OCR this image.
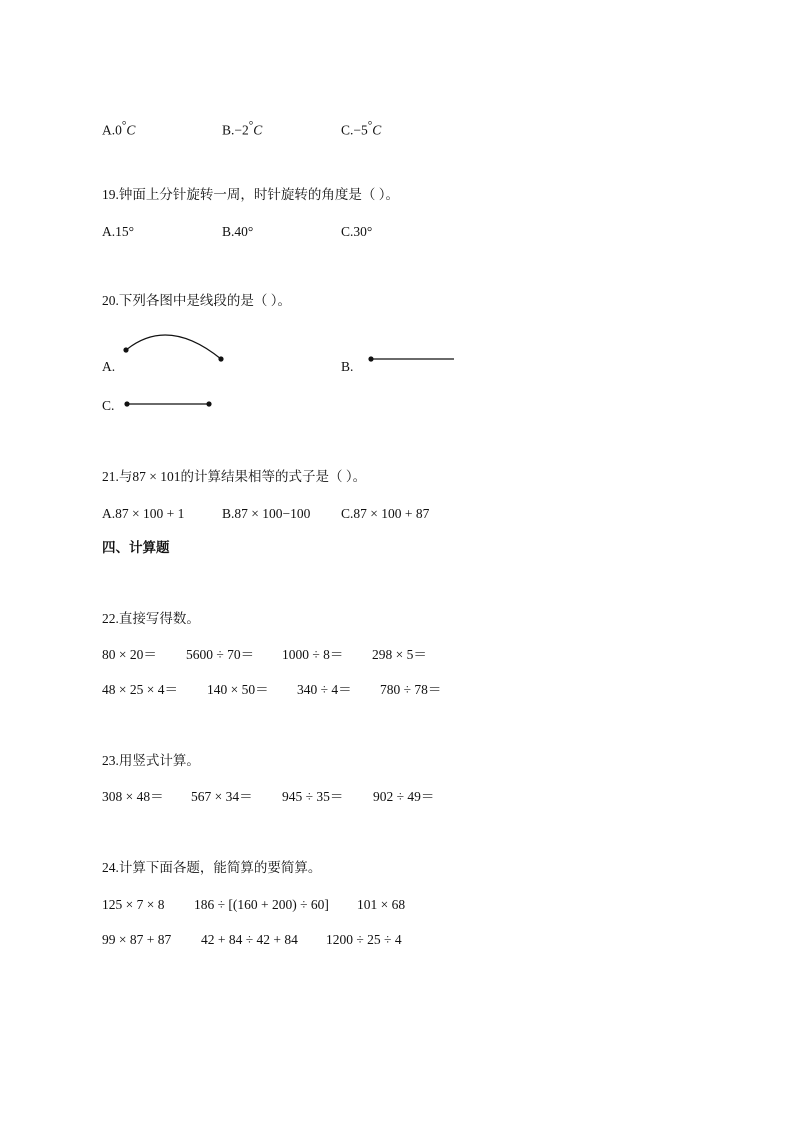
A.0°C	B.−2°C	C.−5°C
19.钟面上分针旋转一周，时针旋转的角度是（ ）。
A.15°	B.40°	C.30°
20.下列各图中是线段的是（ ）。
A.	B.
C.
21.与87 × 101的计算结果相等的式子是（ ）。
A.87 × 100 + 1	B.87 × 100−100 C.87 × 100 + 87
四、计算题
22.直接写得数。
80 × 20＝ 5600 ÷ 70＝ 1000 ÷ 8＝ 298 × 5＝
48 × 25 × 4＝ 140 × 50＝ 340 ÷ 4＝ 780 ÷ 78＝
23.用竖式计算。
308 × 48＝ 567 × 34＝ 945 ÷ 35＝ 902 ÷ 49＝
24.计算下面各题，能简算的要简算。
125 × 7 × 8 186 ÷ [(160 + 200) ÷ 60] 101 × 68
99 × 87 + 87 42 + 84 ÷ 42 + 84 1200 ÷ 25 ÷ 4
